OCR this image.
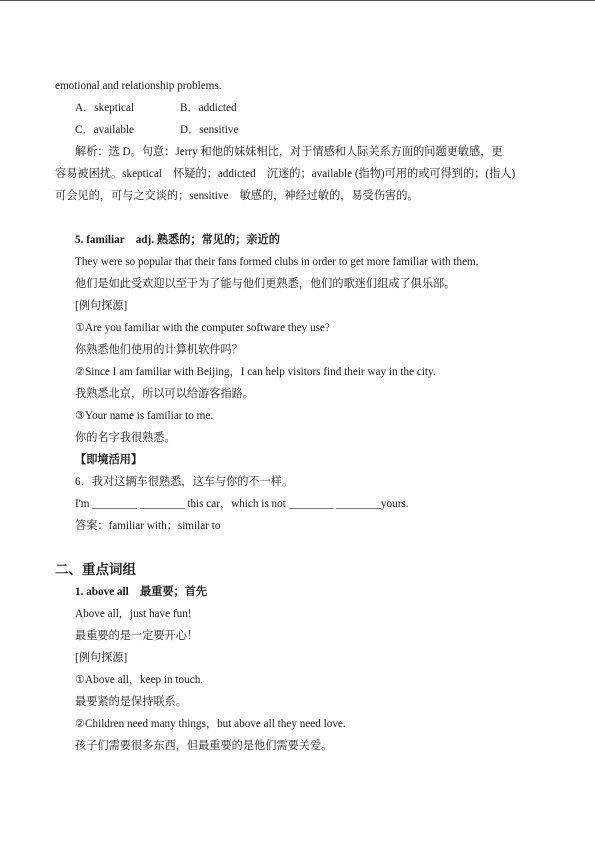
emotional and relationship problems.
A．skeptical	B．addicted
C．available	D．sensitive
解析：选 D。句意：Jerry 和他的妹妹相比，对于情感和人际关系方面的问题更敏感，更
容易被困扰。skeptical　怀疑的；addicted　沉迷的；available (指物)可用的或可得到的；(指人)
可会见的，可与之交谈的；sensitive　敏感的，神经过敏的，易受伤害的。
5. familiar　adj. 熟悉的；常见的；亲近的
They were so popular that their fans formed clubs in order to get more familiar with them.
他们是如此受欢迎以至于为了能与他们更熟悉，他们的歌迷们组成了俱乐部。
[例句探源]
①Are you familiar with the computer software they use?
你熟悉他们使用的计算机软件吗？
②Since I am familiar with Beijing，I can help visitors find their way in the city.
我熟悉北京，所以可以给游客指路。
③Your name is familiar to me.
你的名字我很熟悉。
【即境活用】
6．我对这辆车很熟悉，这车与你的不一样。
I'm ________ ________ this car，which is not ________ ________yours.
答案：familiar with；similar to
二、重点词组
1. above all　最重要；首先
Above all，just have fun!
最重要的是一定要开心！
[例句探源]
①Above all，keep in touch.
最要紧的是保持联系。
②Children need many things，but above all they need love.
孩子们需要很多东西，但最重要的是他们需要关爱。
